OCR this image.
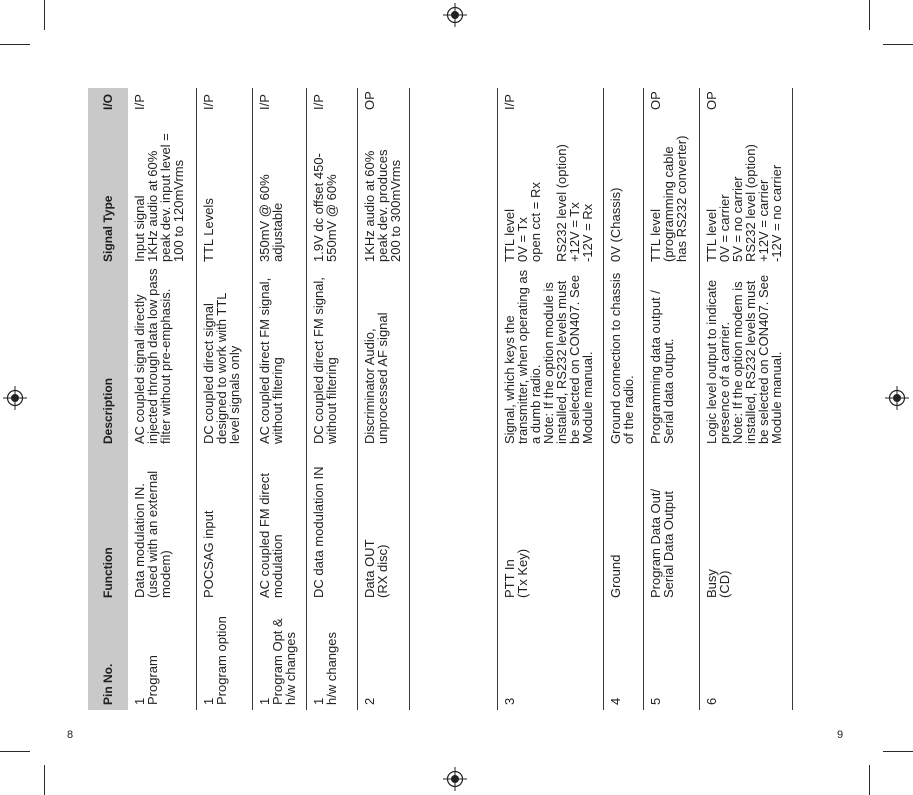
Pin No.
Function
Description
Signal Type
I/O
1
Program
Data modulation IN.
(used with an external
modem)
AC coupled signal directly
injected through data low pass
filter without pre-emphasis.
Input signal
1KHz audio at 60%
peak dev. input level =
100 to 120mVrms
I/P
1
Program option
POCSAG input
DC coupled direct signal
designed to work with TTL
level signals only
TTL Levels
I/P
1
Program Opt &
h/w changes
AC coupled FM direct
modulation
AC coupled direct FM signal,
without filtering
350mV @ 60%
adjustable
I/P
1
h/w changes
DC data modulation IN
DC coupled direct FM signal,
without filtering
1.9V dc offset 450-
550mV @ 60%
I/P
2
Data OUT
(RX disc)
Discriminator Audio,
unprocessed AF signal
1KHz audio at 60%
peak dev. produces
200 to 300mVrms
OP
3
PTT In
(Tx Key)
Signal, which keys the
transmitter, when operating as
a dumb radio.
Note: If the option module is
installed, RS232 levels must
be selected on CON407. See
Module manual.
TTL level
0V = Tx
open cct = Rx RS232 level (option)
+12V = Tx
-12V = Rx
I/P
4
Ground
Ground connection to chassis
of the radio.
0V (Chassis)
5
Program Data Out/
Serial Data Output
Programming data output /
Serial data output.
TTL level
(programming cable
has RS232 converter)
OP
6
Busy
(CD)
Logic level output to indicate
presence of a carrier.
Note: If the option modem is
installed, RS232 levels must
be selected on CON407. See
Module manual.
TTL level
0V = carrier
5V = no carrier
RS232 level (option)
+12V = carrier
-12V = no carrier
OP
8	9
